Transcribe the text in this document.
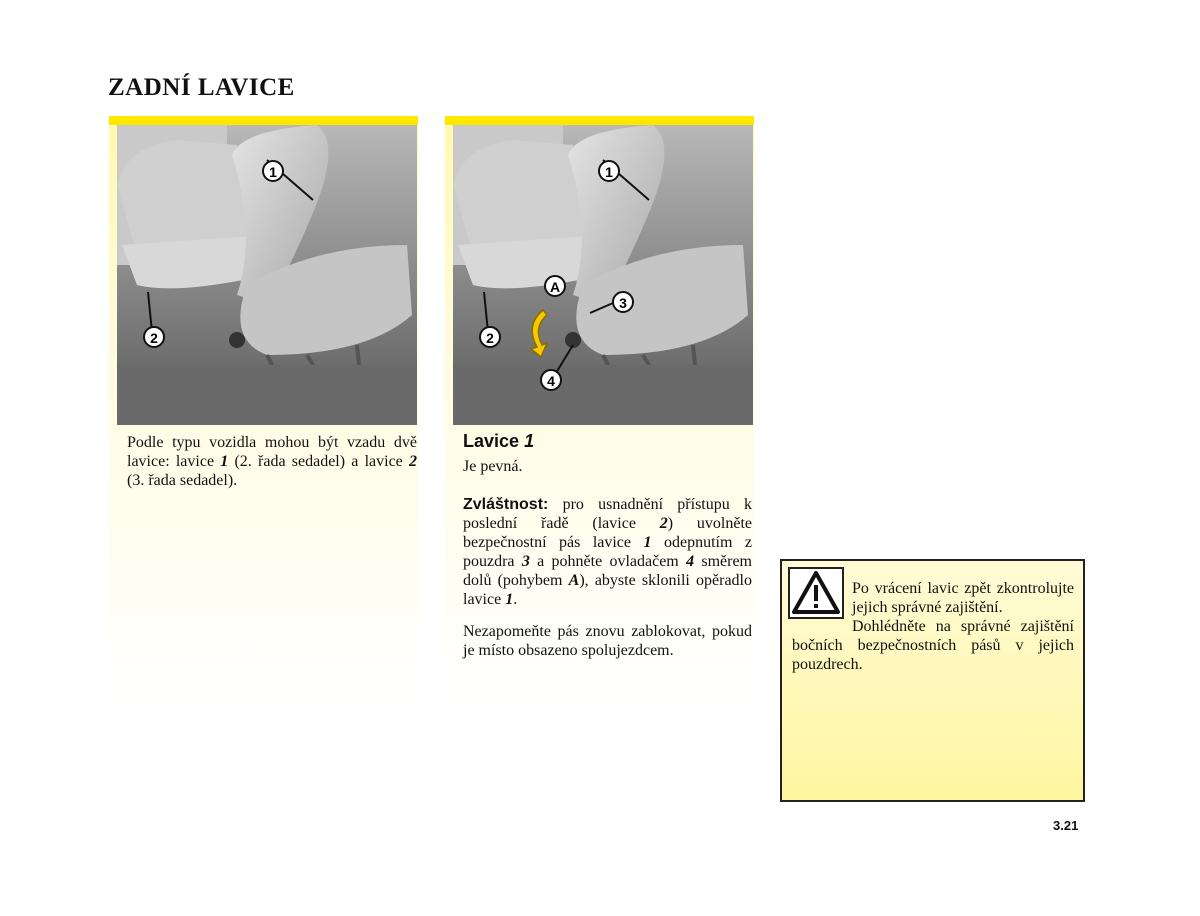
ZADNÍ LAVICE
1
2

Podle typu vozidla mohou být vzadu dvě lavice: lavice 1 (2. řada sedadel) a lavice 2 (3. řada sedadel).

1
A
3
2
4
Lavice 1

Je pevná.

Zvláštnost: pro usnadnění přístupu k poslední řadě (lavice 2) uvolněte bezpečnostní pás lavice 1 odepnutím z pouzdra 3 a pohněte ovladačem 4 směrem dolů (pohybem A), abyste sklonili opěradlo lavice 1.

Nezapomeňte pás znovu zablokovat, pokud je místo obsazeno spolujezdcem.

Po vrácení lavic zpět zkontrolujte jejich správné zajištění.

Dohlédněte na správné zajištění bočních bezpečnostních pásů v jejich pouzdrech.

3.21
